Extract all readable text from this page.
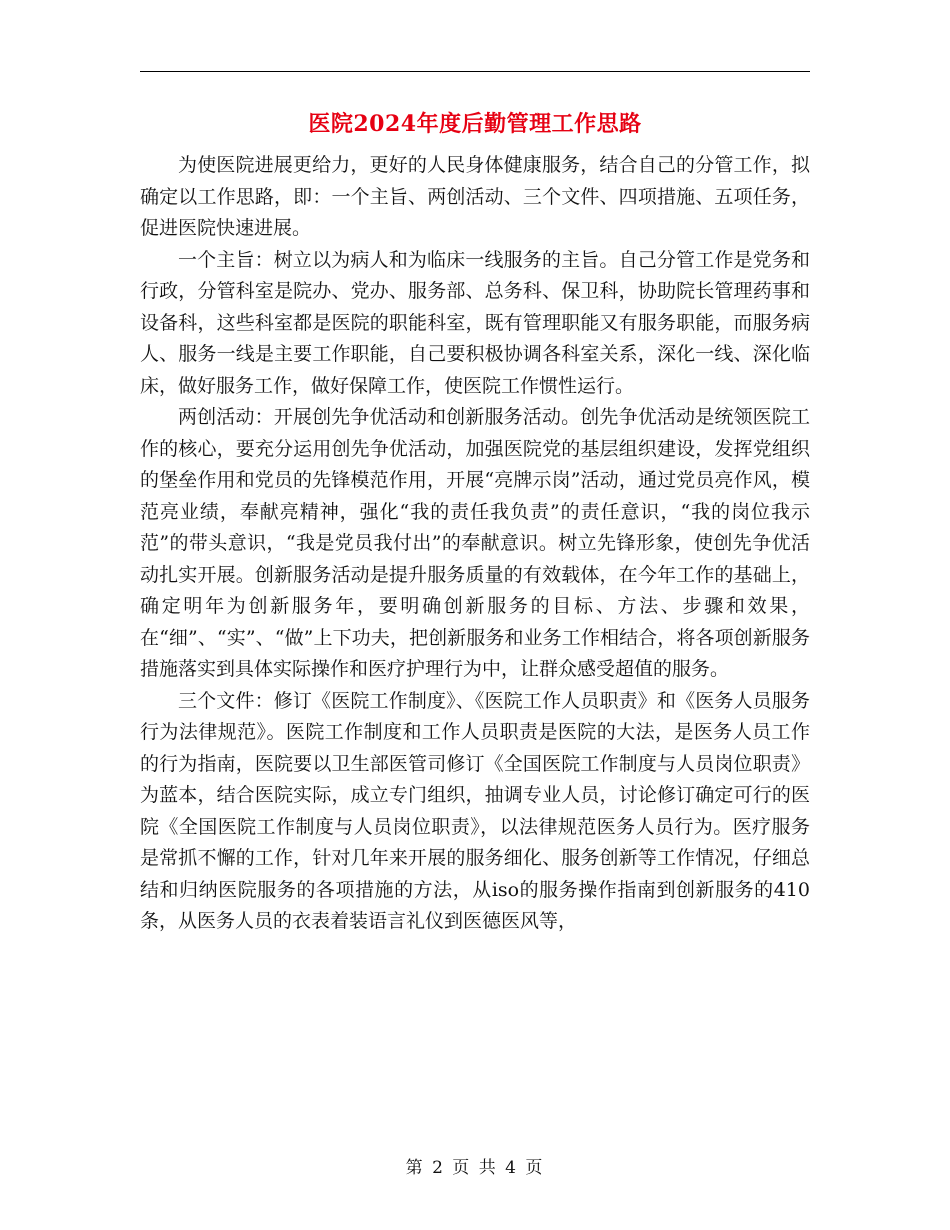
医院2024年度后勤管理工作思路

为使医院进展更给力，更好的人民身体健康服务，结合自己的分管工作，拟确定以工作思路，即：一个主旨、两创活动、三个文件、四项措施、五项任务，促进医院快速进展。

一个主旨：树立以为病人和为临床一线服务的主旨。自己分管工作是党务和行政，分管科室是院办、党办、服务部、总务科、保卫科，协助院长管理药事和设备科，这些科室都是医院的职能科室，既有管理职能又有服务职能，而服务病人、服务一线是主要工作职能，自己要积极协调各科室关系，深化一线、深化临床，做好服务工作，做好保障工作，使医院工作惯性运行。

两创活动：开展创先争优活动和创新服务活动。创先争优活动是统领医院工作的核心，要充分运用创先争优活动，加强医院党的基层组织建设，发挥党组织的堡垒作用和党员的先锋模范作用，开展“亮牌示岗”活动，通过党员亮作风，模范亮业绩，奉献亮精神，强化“我的责任我负责”的责任意识，“我的岗位我示范”的带头意识，“我是党员我付出”的奉献意识。树立先锋形象，使创先争优活动扎实开展。创新服务活动是提升服务质量的有效载体，在今年工作的基础上，确定明年为创新服务年，要明确创新服务的目标、方法、步骤和效果，在“细”、“实”、“做”上下功夫，把创新服务和业务工作相结合，将各项创新服务措施落实到具体实际操作和医疗护理行为中，让群众感受超值的服务。

三个文件：修订《医院工作制度》、《医院工作人员职责》和《医务人员服务行为法律规范》。医院工作制度和工作人员职责是医院的大法，是医务人员工作的行为指南，医院要以卫生部医管司修订《全国医院工作制度与人员岗位职责》为蓝本，结合医院实际，成立专门组织，抽调专业人员，讨论修订确定可行的医院《全国医院工作制度与人员岗位职责》，以法律规范医务人员行为。医疗服务是常抓不懈的工作，针对几年来开展的服务细化、服务创新等工作情况，仔细总结和归纳医院服务的各项措施的方法，从iso的服务操作指南到创新服务的410条，从医务人员的衣表着装语言礼仪到医德医风等，

第 2 页 共 4 页
